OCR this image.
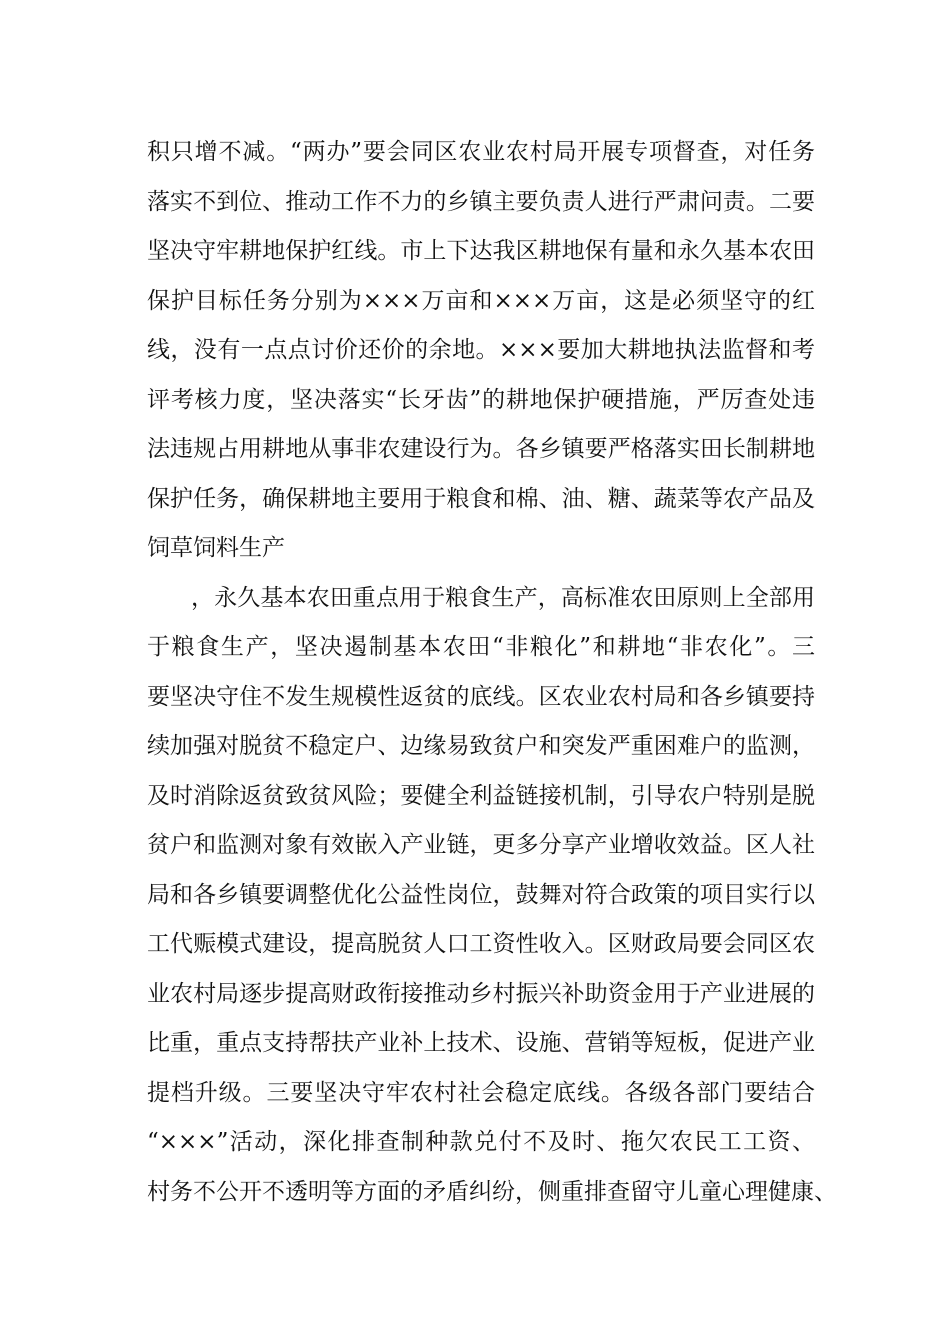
积只增不减。“两办”要会同区农业农村局开展专项督查，对任务
落实不到位、推动工作不力的乡镇主要负责人进行严肃问责。二要
坚决守牢耕地保护红线。市上下达我区耕地保有量和永久基本农田
保护目标任务分别为×××万亩和×××万亩，这是必须坚守的红
线，没有一点点讨价还价的余地。×××要加大耕地执法监督和考
评考核力度，坚决落实“长牙齿”的耕地保护硬措施，严厉查处违
法违规占用耕地从事非农建设行为。各乡镇要严格落实田长制耕地
保护任务，确保耕地主要用于粮食和棉、油、糖、蔬菜等农产品及
饲草饲料生产
，永久基本农田重点用于粮食生产，高标准农田原则上全部用
于粮食生产，坚决遏制基本农田“非粮化”和耕地“非农化”。三
要坚决守住不发生规模性返贫的底线。区农业农村局和各乡镇要持
续加强对脱贫不稳定户、边缘易致贫户和突发严重困难户的监测，
及时消除返贫致贫风险；要健全利益链接机制，引导农户特别是脱
贫户和监测对象有效嵌入产业链，更多分享产业增收效益。区人社
局和各乡镇要调整优化公益性岗位，鼓舞对符合政策的项目实行以
工代赈模式建设，提高脱贫人口工资性收入。区财政局要会同区农
业农村局逐步提高财政衔接推动乡村振兴补助资金用于产业进展的
比重，重点支持帮扶产业补上技术、设施、营销等短板，促进产业
提档升级。三要坚决守牢农村社会稳定底线。各级各部门要结合
“×××”活动，深化排查制种款兑付不及时、拖欠农民工工资、
村务不公开不透明等方面的矛盾纠纷，侧重排查留守儿童心理健康、
